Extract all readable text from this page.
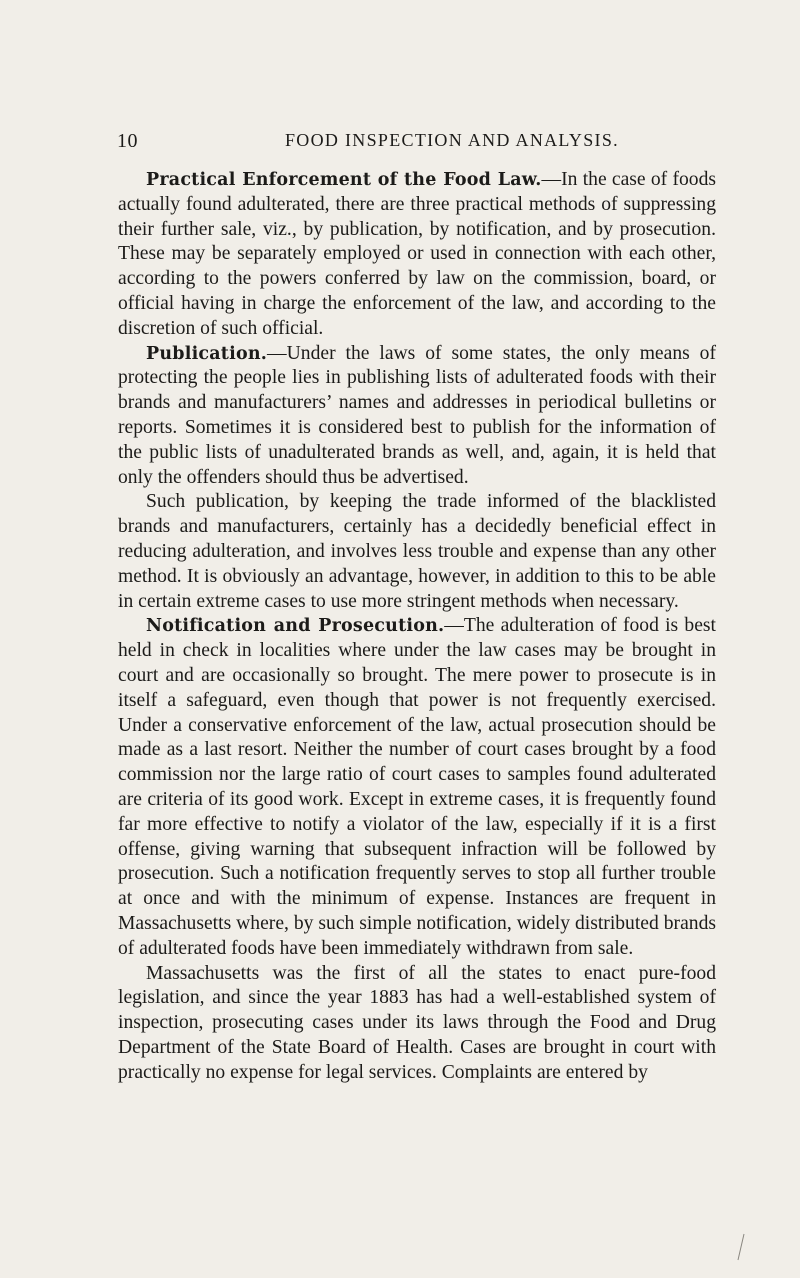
10	FOOD INSPECTION AND ANALYSIS.

Practical Enforcement of the Food Law.—In the case of foods actually found adulterated, there are three practical methods of suppressing their further sale, viz., by publication, by notification, and by prosecution. These may be separately employed or used in connection with each other, according to the powers conferred by law on the commission, board, or official having in charge the enforcement of the law, and according to the discretion of such official.

Publication.—Under the laws of some states, the only means of protecting the people lies in publishing lists of adulterated foods with their brands and manufacturers’ names and addresses in periodical bulletins or reports. Sometimes it is considered best to publish for the information of the public lists of unadulterated brands as well, and, again, it is held that only the offenders should thus be advertised.

Such publication, by keeping the trade informed of the blacklisted brands and manufacturers, certainly has a decidedly beneficial effect in reducing adulteration, and involves less trouble and expense than any other method. It is obviously an advantage, however, in addition to this to be able in certain extreme cases to use more stringent methods when necessary.

Notification and Prosecution.—The adulteration of food is best held in check in localities where under the law cases may be brought in court and are occasionally so brought. The mere power to prosecute is in itself a safeguard, even though that power is not frequently exercised. Under a conservative enforcement of the law, actual prosecution should be made as a last resort. Neither the number of court cases brought by a food commission nor the large ratio of court cases to samples found adulterated are criteria of its good work. Except in extreme cases, it is frequently found far more effective to notify a violator of the law, especially if it is a first offense, giving warning that subsequent infraction will be followed by prosecution. Such a notification frequently serves to stop all further trouble at once and with the minimum of expense. Instances are frequent in Massachusetts where, by such simple notification, widely distributed brands of adulterated foods have been immediately withdrawn from sale.

Massachusetts was the first of all the states to enact pure-food legislation, and since the year 1883 has had a well-established system of inspection, prosecuting cases under its laws through the Food and Drug Department of the State Board of Health. Cases are brought in court with practically no expense for legal services. Complaints are entered by
